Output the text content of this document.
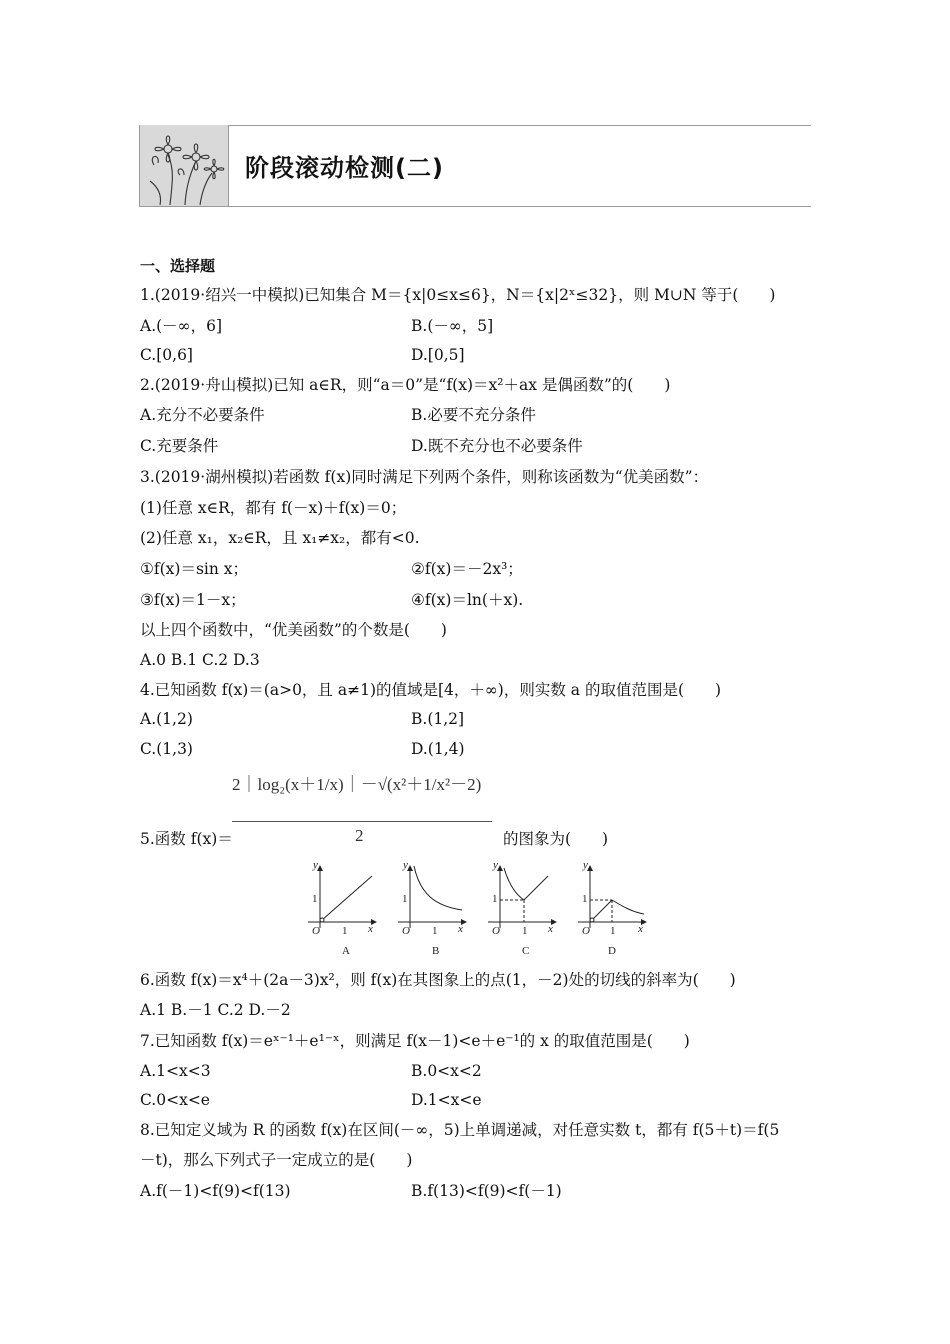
阶段滚动检测(二)
一、选择题
1.(2019·绍兴一中模拟)已知集合 M＝{x|0≤x≤6}，N＝{x|2ˣ≤32}，则 M∪N 等于(　　)
A.(－∞，6]	B.(－∞，5]
C.[0,6]	D.[0,5]
2.(2019·舟山模拟)已知 a∈R，则“a＝0”是“f(x)＝x²＋ax 是偶函数”的(　　)
A.充分不必要条件	B.必要不充分条件
C.充要条件	D.既不充分也不必要条件
3.(2019·湖州模拟)若函数 f(x)同时满足下列两个条件，则称该函数为“优美函数”：
(1)任意 x∈R，都有 f(－x)＋f(x)＝0；
(2)任意 x₁，x₂∈R，且 x₁≠x₂，都有<0.
①f(x)＝sin x；	②f(x)＝－2x³；
③f(x)＝1－x；	④f(x)＝ln(＋x).
以上四个函数中，“优美函数”的个数是(　　)
A.0 B.1 C.2 D.3
4.已知函数 f(x)＝(a>0，且 a≠1)的值域是[4，＋∞)，则实数 a 的取值范围是(　　)
A.(1,2)	B.(1,2]
C.(1,3)	D.(1,4)
2｜log₂(x＋1/x)｜－√(x²＋1/x²－2)
2
5.函数 f(x)＝	的图象为(　　)
y
1
O 1 x
A
y
1
O 1 x
B
y
1
O 1 x
C
y
1
O 1 x
D
6.函数 f(x)＝x⁴＋(2a－3)x²，则 f(x)在其图象上的点(1，－2)处的切线的斜率为(　　)
A.1 B.－1 C.2 D.－2
7.已知函数 f(x)＝eˣ⁻¹＋e¹⁻ˣ，则满足 f(x－1)<e＋e⁻¹的 x 的取值范围是(　　)
A.1<x<3	B.0<x<2
C.0<x<e	D.1<x<e
8.已知定义域为 R 的函数 f(x)在区间(－∞，5)上单调递减，对任意实数 t，都有 f(5＋t)＝f(5
－t)，那么下列式子一定成立的是(　　)
A.f(－1)<f(9)<f(13)	B.f(13)<f(9)<f(－1)
